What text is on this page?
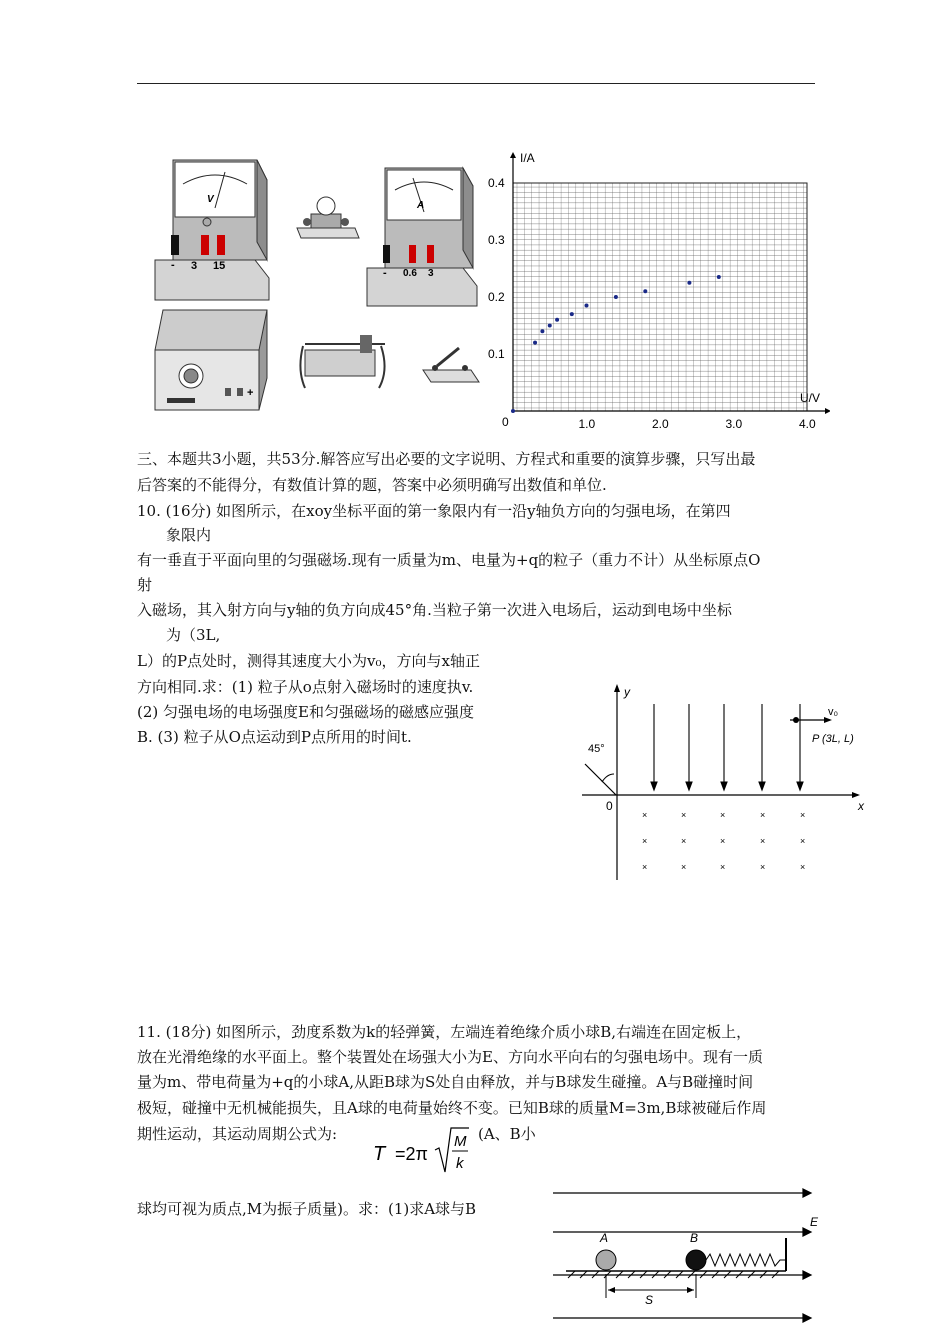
V
- 3 15
A
- 0.6 3
+
I/A
U/V
0	1.0	2.0	3.0	4.0
0.1
0.2
0.3
0.4
三、本题共3小题，共53分.解答应写出必要的文字说明、方程式和重要的演算步骤，只写出最
后答案的不能得分，有数值计算的题，答案中必须明确写出数值和单位.
10. (16分) 如图所示，在xoy坐标平面的第一象限内有一沿y轴负方向的匀强电场，在第四
象限内
有一垂直于平面向里的匀强磁场.现有一质量为m、电量为+q的粒子（重力不计）从坐标原点O
射
入磁场，其入射方向与y轴的负方向成45°角.当粒子第一次进入电场后，运动到电场中坐标
为（3L,
L）的P点处时，测得其速度大小为v₀，方向与x轴正
方向相同.求：(1) 粒子从o点射入磁场时的速度执v.
(2) 匀强电场的电场强度E和匀强磁场的磁感应强度
B. (3) 粒子从O点运动到P点所用的时间t.
y
x
0
45°
v₀
P (3L, L)
×	×	×	×	×
×	×	×	×	×
×	×	×	×	×
11. (18分) 如图所示，劲度系数为k的轻弹簧，左端连着绝缘介质小球B,右端连在固定板上，
放在光滑绝缘的水平面上。整个装置处在场强大小为E、方向水平向右的匀强电场中。现有一质
量为m、带电荷量为+q的小球A,从距B球为S处自由释放，并与B球发生碰撞。A与B碰撞时间
极短，碰撞中无机械能损失，且A球的电荷量始终不变。已知B球的质量M=3m,B球被碰后作周
期性运动，其运动周期公式为:
T =2π
M
k
(A、B小
球均可视为质点,M为振子质量)。求：(1)求A球与B
E
A	B
S
